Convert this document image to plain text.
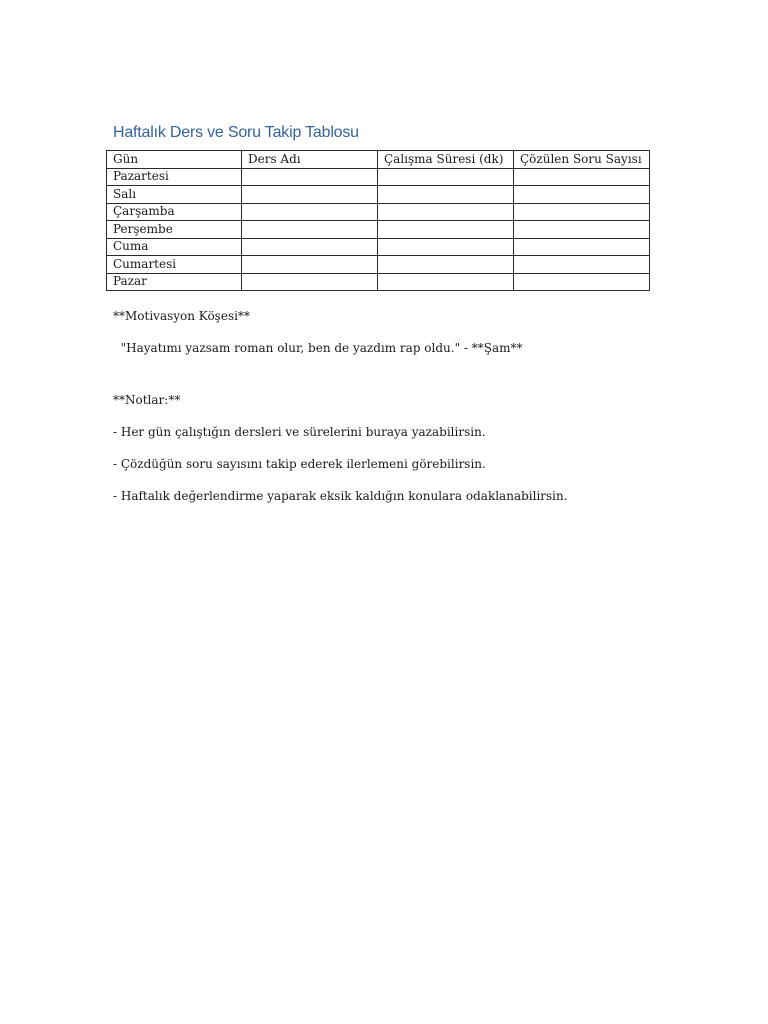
Haftalık Ders ve Soru Takip Tablosu
Gün	Ders Adı	Çalışma Süresi (dk)	Çözülen Soru Sayısı
Pazartesi			
Salı			
Çarşamba			
Perşembe			
Cuma			
Cumartesi			
Pazar			

**Motivasyon Köşesi**

"Hayatımı yazsam roman olur, ben de yazdım rap oldu." - **Şam**

**Notlar:**

- Her gün çalıştığın dersleri ve sürelerini buraya yazabilirsin.

- Çözdüğün soru sayısını takip ederek ilerlemeni görebilirsin.

- Haftalık değerlendirme yaparak eksik kaldığın konulara odaklanabilirsin.
